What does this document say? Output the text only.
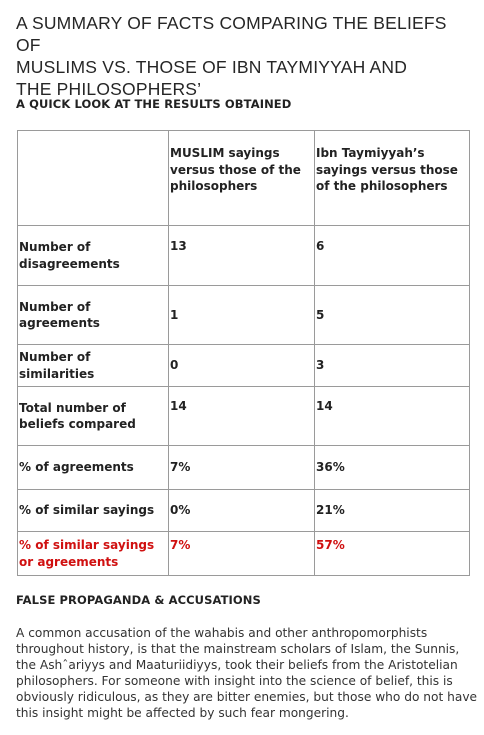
A SUMMARY OF FACTS COMPARING THE BELIEFS OF
MUSLIMS VS. THOSE OF IBN TAYMIYYAH AND
THE PHILOSOPHERS’
A QUICK LOOK AT THE RESULTS OBTAINED
	MUSLIM sayings versus those of the philosophers	Ibn Taymiyyah’s sayings versus those of the philosophers
Number of disagreements	13	6
Number of agreements	1	5
Number of similarities	0	3
Total number of beliefs compared	14	14
% of agreements	7%	36%
% of similar sayings	0%	21%
% of similar sayings or agreements	7%	57%
FALSE PROPAGANDA & ACCUSATIONS

A common accusation of the wahabis and other anthropomorphists throughout history, is that the mainstream scholars of Islam, the Sunnis, the Ashˆariyys and Maaturiidiyys, took their beliefs from the Aristotelian philosophers. For someone with insight into the science of belief, this is obviously ridiculous, as they are bitter enemies, but those who do not have this insight might be affected by such fear mongering.
